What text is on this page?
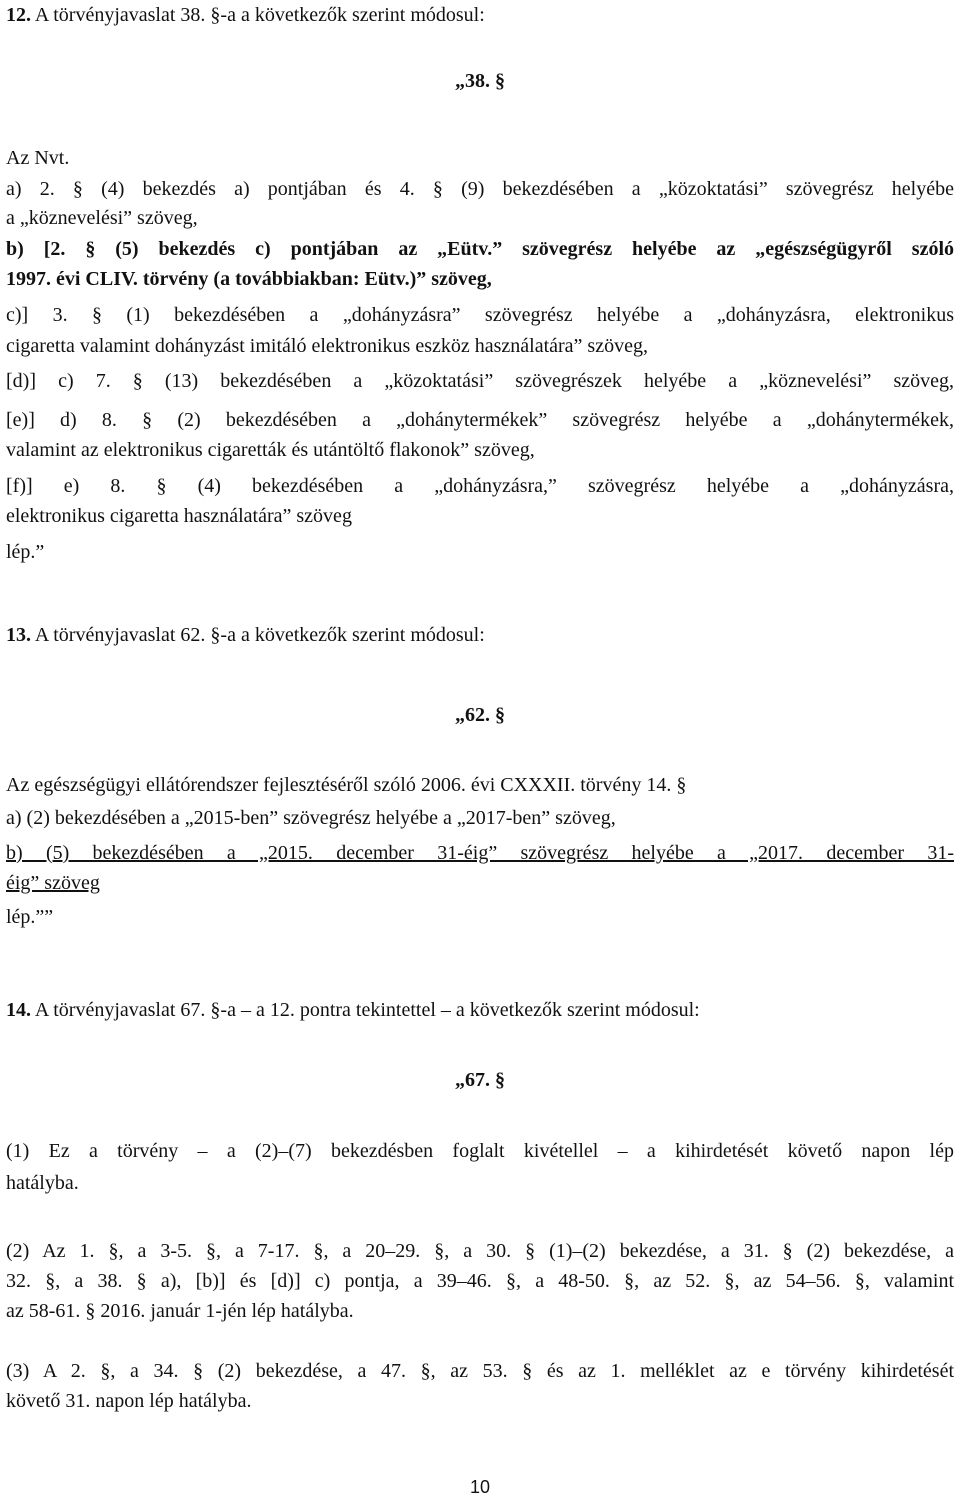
12. A törvényjavaslat 38. §-a a következők szerint módosul:
„38. §
Az Nvt.
a) 2. § (4) bekezdés a) pontjában és 4. § (9) bekezdésében a „közoktatási” szövegrész helyébe
a „köznevelési” szöveg,
b) [2. § (5) bekezdés c) pontjában az „Eütv.” szövegrész helyébe az „egészségügyről szóló
1997. évi CLIV. törvény (a továbbiakban: Eütv.)” szöveg,
c)] 3. § (1) bekezdésében a „dohányzásra” szövegrész helyébe a „dohányzásra, elektronikus
cigaretta valamint dohányzást imitáló elektronikus eszköz használatára” szöveg,
[d)] c) 7. § (13) bekezdésében a „közoktatási” szövegrészek helyébe a „köznevelési” szöveg,
[e)] d) 8. § (2) bekezdésében a „dohánytermékek” szövegrész helyébe a „dohánytermékek,
valamint az elektronikus cigaretták és utántöltő flakonok” szöveg,
[f)] e) 8. § (4) bekezdésében a „dohányzásra,” szövegrész helyébe a „dohányzásra,
elektronikus cigaretta használatára” szöveg
lép.”
13. A törvényjavaslat 62. §-a a következők szerint módosul:
„62. §
Az egészségügyi ellátórendszer fejlesztéséről szóló 2006. évi CXXXII. törvény 14. §
a) (2) bekezdésében a „2015-ben” szövegrész helyébe a „2017-ben” szöveg,
b) (5) bekezdésében a „2015. december 31-éig” szövegrész helyébe a „2017. december 31-
éig” szöveg
lép.””
14. A törvényjavaslat 67. §-a – a 12. pontra tekintettel – a következők szerint módosul:
„67. §
(1) Ez a törvény – a (2)–(7) bekezdésben foglalt kivétellel – a kihirdetését követő napon lép
hatályba.
(2) Az 1. §, a 3-5. §, a 7-17. §, a 20–29. §, a 30. § (1)–(2) bekezdése, a 31. § (2) bekezdése, a
32. §, a 38. § a), [b)] és [d)] c) pontja, a 39–46. §, a 48-50. §, az 52. §, az 54–56. §, valamint
az 58-61. § 2016. január 1-jén lép hatályba.
(3) A 2. §, a 34. § (2) bekezdése, a 47. §, az 53. § és az 1. melléklet az e törvény kihirdetését
követő 31. napon lép hatályba.
10
